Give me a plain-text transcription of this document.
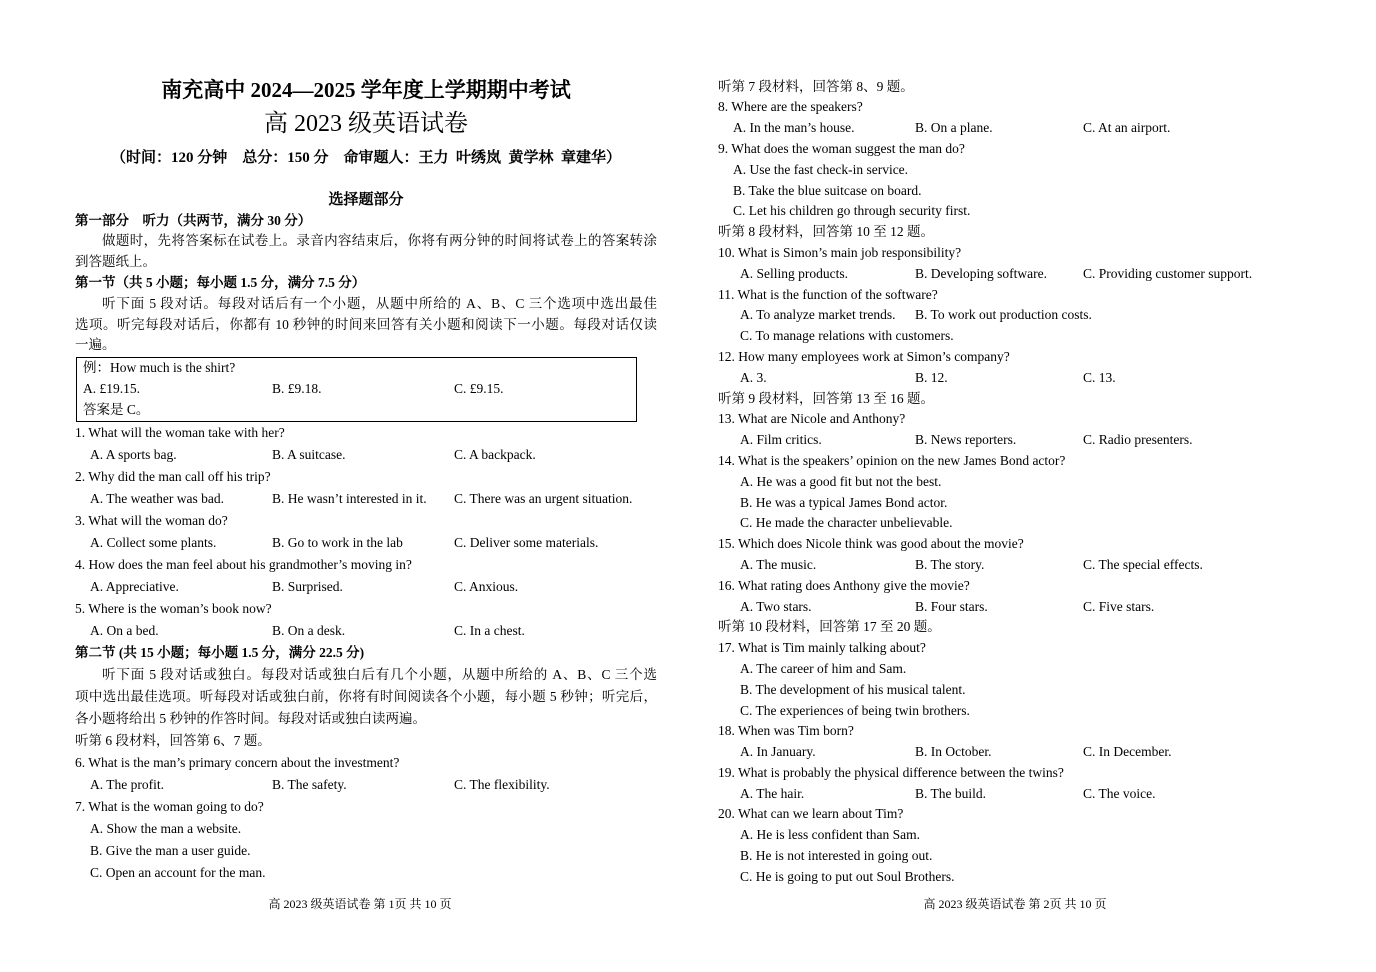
南充高中 2024—2025 学年度上学期期中考试
高 2023 级英语试卷
（时间：120 分钟    总分：150 分    命审题人：王力  叶绣岚  黄学林  章建华）
选择题部分
第一部分　听力（共两节，满分 30 分）
做题时，先将答案标在试卷上。录音内容结束后，你将有两分钟的时间将试卷上的答案转涂
到答题纸上。
第一节（共 5 小题；每小题 1.5 分，满分 7.5 分）
听下面 5 段对话。每段对话后有一个小题，从题中所给的 A、B、C 三个选项中选出最佳
选项。听完每段对话后，你都有 10 秒钟的时间来回答有关小题和阅读下一小题。每段对话仅读
一遍。
例：How much is the shirt?
A. £19.15.	B. £9.18.	C. £9.15.
答案是 C。
1. What will the woman take with her?
A. A sports bag.	B. A suitcase.	C. A backpack.
2. Why did the man call off his trip?
A. The weather was bad.	B. He wasn’t interested in it.	C. There was an urgent situation.
3. What will the woman do?
A. Collect some plants.	B. Go to work in the lab	C. Deliver some materials.
4. How does the man feel about his grandmother’s moving in?
A. Appreciative.	B. Surprised.	C. Anxious.
5. Where is the woman’s book now?
A. On a bed.	B. On a desk.	C. In a chest.
第二节 (共 15 小题；每小题 1.5 分，满分 22.5 分)
听下面 5 段对话或独白。每段对话或独白后有几个小题，从题中所给的 A、B、C 三个选
项中选出最佳选项。听每段对话或独白前，你将有时间阅读各个小题，每小题 5 秒钟；听完后，
各小题将给出 5 秒钟的作答时间。每段对话或独白读两遍。
听第 6 段材料，回答第 6、7 题。
6. What is the man’s primary concern about the investment?
A. The profit.	B. The safety.	C. The flexibility.
7. What is the woman going to do?
A. Show the man a website.
B. Give the man a user guide.
C. Open an account for the man.
高 2023 级英语试卷 第 1页 共 10 页
听第 7 段材料，回答第 8、9 题。
8. Where are the speakers?
A. In the man’s house.	B. On a plane.	C. At an airport.
9. What does the woman suggest the man do?
A. Use the fast check-in service.
B. Take the blue suitcase on board.
C. Let his children go through security first.
听第 8 段材料，回答第 10 至 12 题。
10. What is Simon’s main job responsibility?
A. Selling products.	B. Developing software.	C. Providing customer support.
11. What is the function of the software?
A. To analyze market trends.	B. To work out production costs.
C. To manage relations with customers.
12. How many employees work at Simon’s company?
A. 3.	B. 12.	C. 13.
听第 9 段材料，回答第 13 至 16 题。
13. What are Nicole and Anthony?
A. Film critics.	B. News reporters.	C. Radio presenters.
14. What is the speakers’ opinion on the new James Bond actor?
A. He was a good fit but not the best.
B. He was a typical James Bond actor.
C. He made the character unbelievable.
15. Which does Nicole think was good about the movie?
A. The music.	B. The story.	C. The special effects.
16. What rating does Anthony give the movie?
A. Two stars.	B. Four stars.	C. Five stars.
听第 10 段材料，回答第 17 至 20 题。
17. What is Tim mainly talking about?
A. The career of him and Sam.
B. The development of his musical talent.
C. The experiences of being twin brothers.
18. When was Tim born?
A. In January.	B. In October.	C. In December.
19. What is probably the physical difference between the twins?
A. The hair.	B. The build.	C. The voice.
20. What can we learn about Tim?
A. He is less confident than Sam.
B. He is not interested in going out.
C. He is going to put out Soul Brothers.
高 2023 级英语试卷 第 2页 共 10 页
